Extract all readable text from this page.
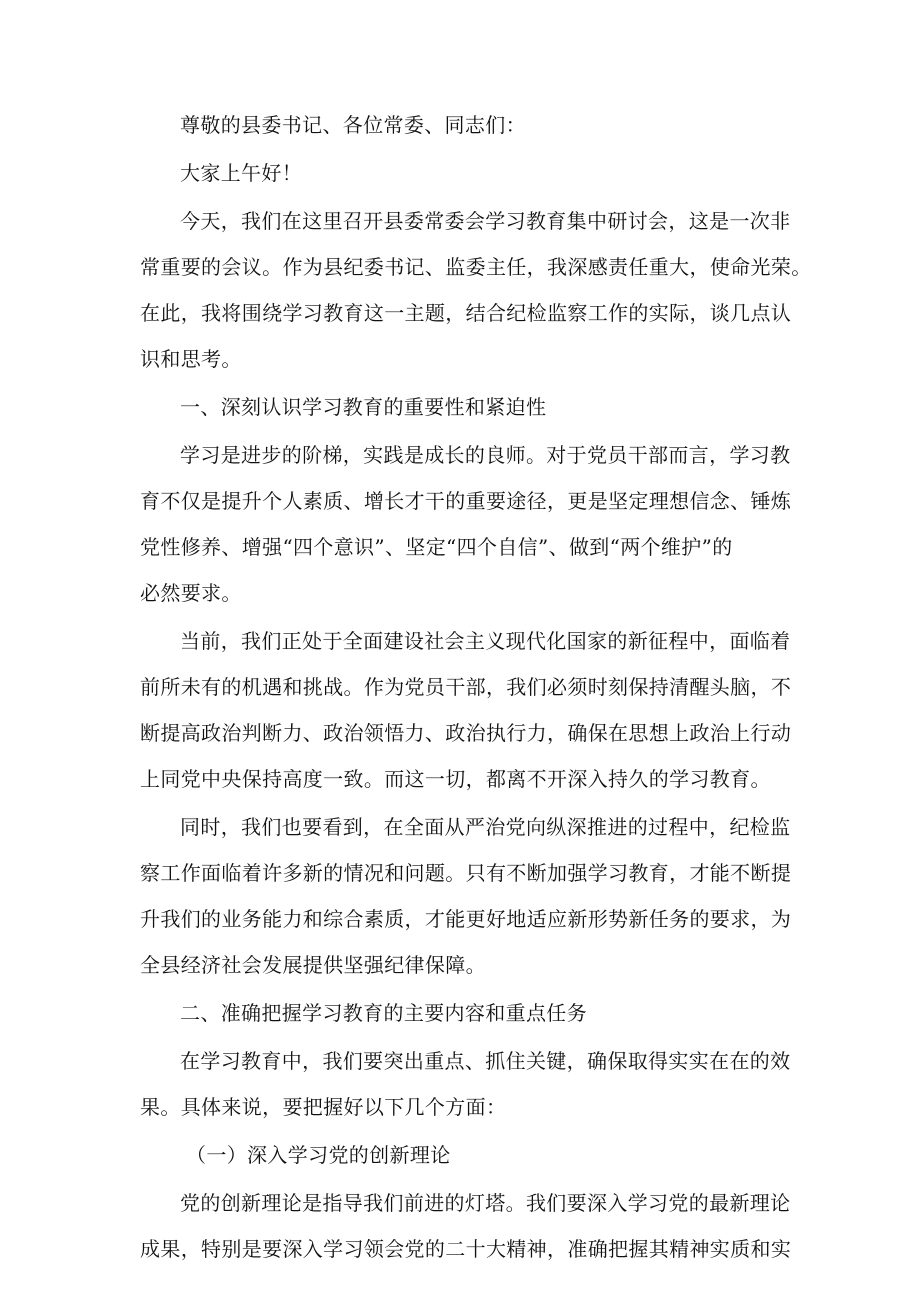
尊敬的县委书记、各位常委、同志们：
大家上午好！
今天，我们在这里召开县委常委会学习教育集中研讨会，这是一次非
常重要的会议。作为县纪委书记、监委主任，我深感责任重大，使命光荣。
在此，我将围绕学习教育这一主题，结合纪检监察工作的实际，谈几点认
识和思考。
一、深刻认识学习教育的重要性和紧迫性
学习是进步的阶梯，实践是成长的良师。对于党员干部而言，学习教
育不仅是提升个人素质、增长才干的重要途径，更是坚定理想信念、锤炼
党性修养、增强“四个意识”、坚定“四个自信”、做到“两个维护”的
必然要求。
当前，我们正处于全面建设社会主义现代化国家的新征程中，面临着
前所未有的机遇和挑战。作为党员干部，我们必须时刻保持清醒头脑，不
断提高政治判断力、政治领悟力、政治执行力，确保在思想上政治上行动
上同党中央保持高度一致。而这一切，都离不开深入持久的学习教育。
同时，我们也要看到，在全面从严治党向纵深推进的过程中，纪检监
察工作面临着许多新的情况和问题。只有不断加强学习教育，才能不断提
升我们的业务能力和综合素质，才能更好地适应新形势新任务的要求，为
全县经济社会发展提供坚强纪律保障。
二、准确把握学习教育的主要内容和重点任务
在学习教育中，我们要突出重点、抓住关键，确保取得实实在在的效
果。具体来说，要把握好以下几个方面：
（一）深入学习党的创新理论
党的创新理论是指导我们前进的灯塔。我们要深入学习党的最新理论
成果，特别是要深入学习领会党的二十大精神，准确把握其精神实质和实
